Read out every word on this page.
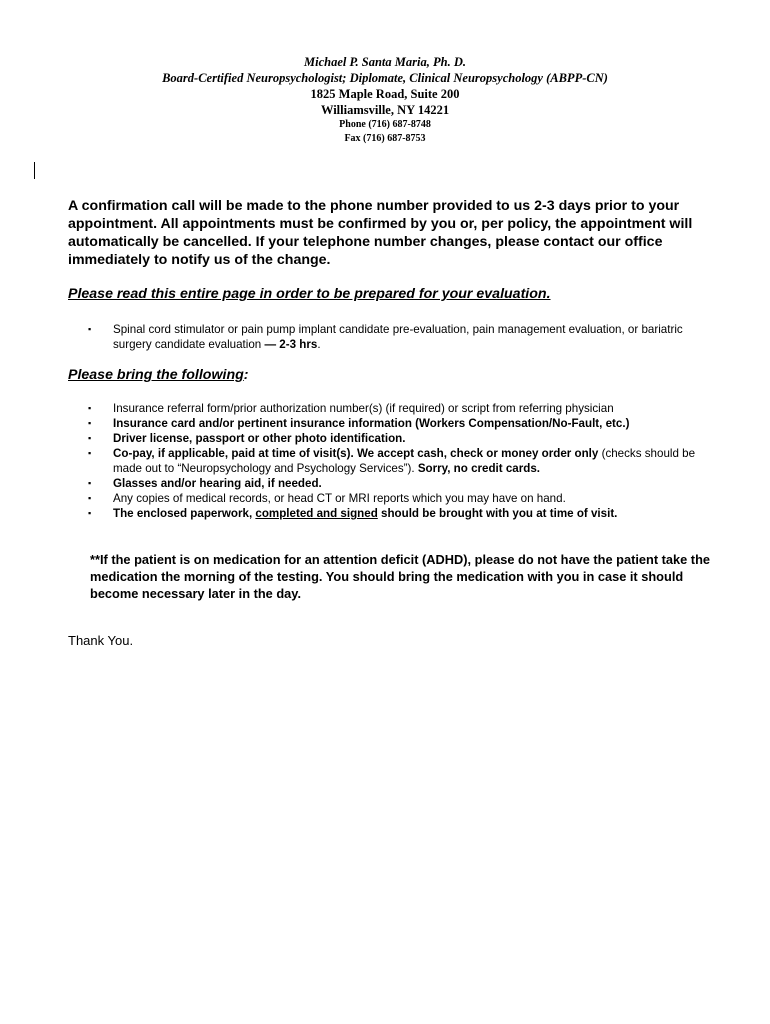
Michael P. Santa Maria, Ph. D.
Board-Certified Neuropsychologist; Diplomate, Clinical Neuropsychology (ABPP-CN)
1825 Maple Road, Suite 200
Williamsville, NY 14221
Phone (716) 687-8748
Fax (716) 687-8753
A confirmation call will be made to the phone number provided to us 2-3 days prior to your appointment. All appointments must be confirmed by you or, per policy, the appointment will automatically be cancelled. If your telephone number changes, please contact our office immediately to notify us of the change.
Please read this entire page in order to be prepared for your evaluation.
▪ Spinal cord stimulator or pain pump implant candidate pre-evaluation, pain management evaluation, or bariatric surgery candidate evaluation — 2-3 hrs.
Please bring the following:
▪ Insurance referral form/prior authorization number(s) (if required) or script from referring physician
▪ Insurance card and/or pertinent insurance information (Workers Compensation/No-Fault, etc.)
▪ Driver license, passport or other photo identification.
▪ Co-pay, if applicable, paid at time of visit(s). We accept cash, check or money order only (checks should be made out to “Neuropsychology and Psychology Services”). Sorry, no credit cards.
▪ Glasses and/or hearing aid, if needed.
▪ Any copies of medical records, or head CT or MRI reports which you may have on hand.
▪ The enclosed paperwork, completed and signed should be brought with you at time of visit.
**If the patient is on medication for an attention deficit (ADHD), please do not have the patient take the medication the morning of the testing. You should bring the medication with you in case it should become necessary later in the day.
Thank You.
